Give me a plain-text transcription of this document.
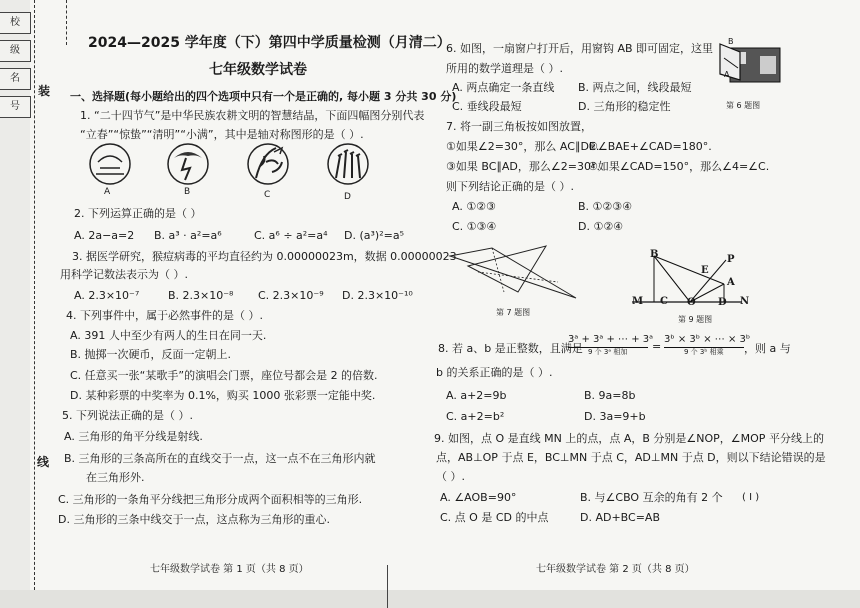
校
级
名
号
装
线
2024—2025 学年度（下）第四中学质量检测（月清二）
七年级数学试卷
一、选择题(每小题给出的四个选项中只有一个是正确的, 每小题 3 分共 30 分)
1. “二十四节气”是中华民族农耕文明的智慧结晶，下面四幅图分别代表
“立春”“惊蛰”“清明”“小满”，其中是轴对称图形的是（ ）.
A	B	C	D
2. 下列运算正确的是（ ）
A. 2a−a=2 B. a³ · a²=a⁶	C. a⁶ ÷ a²=a⁴ D. (a³)²=a⁵
3. 据医学研究，猴痘病毒的平均直径约为 0.00000023m，数据 0.00000023
用科学记数法表示为（ ）.
A. 2.3×10⁻⁷	B. 2.3×10⁻⁸ C. 2.3×10⁻⁹ D. 2.3×10⁻¹⁰
4. 下列事件中，属于必然事件的是（ ）.
A. 391 人中至少有两人的生日在同一天.
B. 抛掷一次硬币，反面一定朝上.
C. 任意买一张“某歌手”的演唱会门票，座位号都会是 2 的倍数.
D. 某种彩票的中奖率为 0.1%，购买 1000 张彩票一定能中奖.
5. 下列说法正确的是（ ）.
A. 三角形的角平分线是射线.
B. 三角形的三条高所在的直线交于一点，这一点不在三角形内就
在三角形外.
C. 三角形的一条角平分线把三角形分成两个面积相等的三角形.
D. 三角形的三条中线交于一点，这点称为三角形的重心.
七年级数学试卷 第 1 页（共 8 页）
6. 如图，一扇窗户打开后，用窗钩 AB 即可固定，这里
所用的数学道理是（ ）.
A. 两点确定一条直线 B. 两点之间，线段最短
C. 垂线段最短	D. 三角形的稳定性
B
A
第 6 题图
7. 将一副三角板按如图放置，
①如果∠2=30°，那么 AC∥DE.
②∠BAE+∠CAD=180°.
③如果 BC∥AD，那么∠2=30°.
④如果∠CAD=150°，那么∠4=∠C.
则下列结论正确的是（ ）.
A. ①②③	B. ①②③④
C. ①③④	D. ①②④
第 7 题图
B
E
P
A
M C O D N
第 9 题图
8. 若 a、b 是正整数，且满足
3ᵃ + 3ᵃ + ⋯ + 3ᵃ
9 个 3ᵃ 相加 =
3ᵇ × 3ᵇ × ⋯ × 3ᵇ
9 个 3ᵇ 相乘 ，则 a 与
b 的关系正确的是（ ）.
A. a+2=9b	B. 9a=8b
C. a+2=b²	D. 3a=9+b
9. 如图，点 O 是直线 MN 上的点，点 A，B 分别是∠NOP，∠MOP 平分线上的
点，AB⊥OP 于点 E，BC⊥MN 于点 C，AD⊥MN 于点 D，则以下结论错误的是
（ ）.
A. ∠AOB=90°	B. 与∠CBO 互余的角有 2 个 ( I )
C. 点 O 是 CD 的中点	D. AD+BC=AB
七年级数学试卷 第 2 页（共 8 页）
